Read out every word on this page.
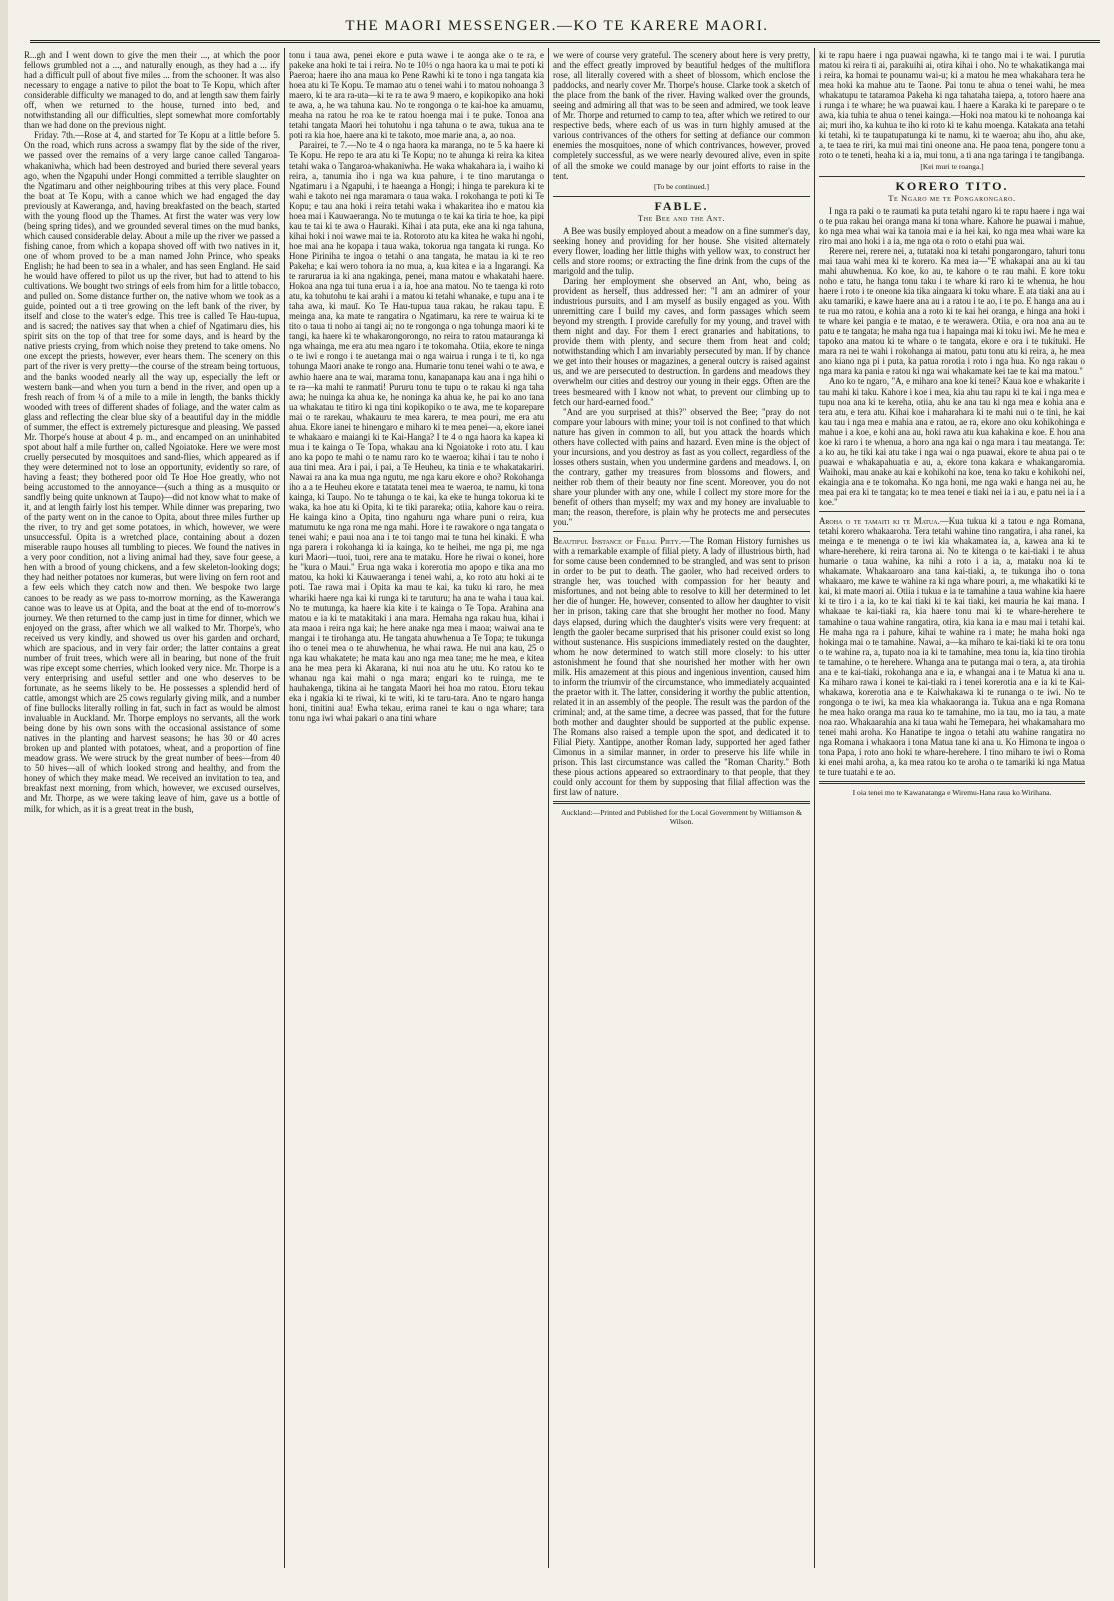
THE MAORI MESSENGER.—KO TE KARERE MAORI.

R...gh and I went down to give the men their ..., at which the poor fellows grumbled not a ..., and naturally enough, as they had a ... ify had a difficult pull of about five miles ... from the schooner. It was also necessary to engage a native to pilot the boat to Te Kopu, which after considerable difficulty we managed to do, and at length saw them fairly off, when we returned to the house, turned into bed, and notwithstanding all our difficulties, slept somewhat more comfortably than we had done on the previous night.

Friday. 7th.—Rose at 4, and started for Te Kopu at a little before 5. On the road, which runs across a swampy flat by the side of the river, we passed over the remains of a very large canoe called Tangaroa-whakaniwha, which had been destroyed and buried there several years ago, when the Ngapuhi under Hongi committed a terrible slaughter on the Ngatimaru and other neighbouring tribes at this very place. Found the boat at Te Kopu, with a canoe which we had engaged the day previously at Kaweranga, and, having breakfasted on the beach, started with the young flood up the Thames. At first the water was very low (being spring tides), and we grounded several times on the mud banks, which caused considerable delay. About a mile up the river we passed a fishing canoe, from which a kopapa shoved off with two natives in it, one of whom proved to be a man named John Prince, who speaks English; he had been to sea in a whaler, and has seen England. He said he would have offered to pilot us up the river, but had to attend to his cultivations. We bought two strings of eels from him for a little tobacco, and pulled on. Some distance further on, the native whom we took as a guide, pointed out a ti tree growing on the left bank of the river, by itself and close to the water's edge. This tree is called Te Hau-tupua, and is sacred; the natives say that when a chief of Ngatimaru dies, his spirit sits on the top of that tree for some days, and is heard by the native priests crying, from which noise they pretend to take omens. No one except the priests, however, ever hears them. The scenery on this part of the river is very pretty—the course of the stream being tortuous, and the banks wooded nearly all the way up, especially the left or western bank—and when you turn a bend in the river, and open up a fresh reach of from ¼ of a mile to a mile in length, the banks thickly wooded with trees of different shades of foliage, and the water calm as glass and reflecting the clear blue sky of a beautiful day in the middle of summer, the effect is extremely picturesque and pleasing. We passed Mr. Thorpe's house at about 4 p. m., and encamped on an uninhabited spot about half a mile further on, called Ngoiatoke. Here we were most cruelly persecuted by mosquitoes and sand-flies, which appeared as if they were determined not to lose an opportunity, evidently so rare, of having a feast; they bothered poor old Te Hoe Hoe greatly, who not being accustomed to the annoyance—(such a thing as a musquito or sandfly being quite unknown at Taupo)—did not know what to make of it, and at length fairly lost his temper. While dinner was preparing, two of the party went on in the canoe to Opita, about three miles further up the river, to try and get some potatoes, in which, however, we were unsuccessful. Opita is a wretched place, containing about a dozen miserable raupo houses all tumbling to pieces. We found the natives in a very poor condition, not a living animal had they, save four geese, a hen with a brood of young chickens, and a few skeleton-looking dogs; they had neither potatoes nor kumeras, but were living on fern root and a few eels which they catch now and then. We bespoke two large canoes to be ready as we pass to-morrow morning, as the Kaweranga canoe was to leave us at Opita, and the boat at the end of to-morrow's journey. We then returned to the camp just in time for dinner, which we enjoyed on the grass, after which we all walked to Mr. Thorpe's, who received us very kindly, and showed us over his garden and orchard, which are spacious, and in very fair order; the latter contains a great number of fruit trees, which were all in bearing, but none of the fruit was ripe except some cherries, which looked very nice. Mr. Thorpe is a very enterprising and useful settler and one who deserves to be fortunate, as he seems likely to be. He possesses a splendid herd of cattle, amongst which are 25 cows regularly giving milk, and a number of fine bullocks literally rolling in fat, such in fact as would be almost invaluable in Auckland. Mr. Thorpe employs no servants, all the work being done by his own sons with the occasional assistance of some natives in the planting and harvest seasons; he has 30 or 40 acres broken up and planted with potatoes, wheat, and a proportion of fine meadow grass. We were struck by the great number of bees—from 40 to 50 hives—all of which looked strong and healthy, and from the honey of which they make mead. We received an invitation to tea, and breakfast next morning, from which, however, we excused ourselves, and Mr. Thorpe, as we were taking leave of him, gave us a bottle of milk, for which, as it is a great treat in the bush,

tonu i taua awa, penei ekore e puta wawe i te aonga ake o te ra, e pakeke ana hoki te tai i reira. No te 10½ o nga haora ka u mai te poti ki Paeroa; haere iho ana maua ko Pene Rawhi ki te tono i nga tangata kia hoea atu ki Te Kopu. Te mamao atu o tenei wahi i to matou nohoanga 3 maero, ki te ara ra-uta—ki te ra te awa 9 maero, e kopikopiko ana hoki te awa, a, he wa tahuna kau. No te rongonga o te kai-hoe ka amuamu, meaha na ratou he roa ke te ratou hoenga mai i te puke. Tonoa ana tetahi tangata Maori hei tohutohu i nga tahuna o te awa, tukua ana te poti ra kia hoe, haere ana ki te takoto, moe marie ana, a, ao noa.

Parairei, te 7.—No te 4 o nga haora ka maranga, no te 5 ka haere ki Te Kopu. He repo te ara atu ki Te Kopu; no te ahunga ki reira ka kitea tetahi waka o Tangaroa-whakaniwha. He waka whakahara ia, i waiho ki reira, a, tanumia iho i nga wa kua pahure, i te tino marutanga o Ngatimaru i a Ngapuhi, i te haeanga a Hongi; i hinga te parekura ki te wahi e takoto nei nga maramara o taua waka. I rokohanga te poti ki Te Kopu; e tau ana hoki i reira tetahi waka i whakaritea iho e matou kia hoea mai i Kauwaeranga. No te mutunga o te kai ka tiria te hoe, ka pipi kau te tai ki te awa o Hauraki. Kihai i ata puta, eke ana ki nga tahuna, kihai hoki i noi wawe mai te ia. Rotoroto atu ka kitea he waka hi ngohi, hoe mai ana he kopapa i taua waka, tokorua nga tangata ki runga. Ko Hone Piriniha te ingoa o tetahi o ana tangata, he matau ia ki te reo Pakeha; e kai wero tohora ia no mua, a, kua kitea e ia a Ingarangi. Ka te rarurarua ia ki ana ngakinga, penei, mana matou e whakatahi haere. Hokoa ana nga tui tuna erua i a ia, hoe ana matou. No te taenga ki roto atu, ka tohutohu te kai arahi i a matou ki tetahi whanake, e tupu ana i te taha awa, ki mauī. Ko Te Hau-tupua taua rakau, he rakau tapu. E meinga ana, ka mate te rangatira o Ngatimaru, ka rere te wairua ki te tito o taua ti noho ai tangi ai; no te rongonga o nga tohunga maori ki te tangi, ka haere ki te whakarongorongo, no reira to ratou matauranga ki nga whainga, me era atu mea ngaro i te tokomaha. Otiia, ekore te ninga o te iwi e rongo i te auetanga mai o nga wairua i runga i te ti, ko nga tohunga Maori anake te rongo ana. Humarie tonu tenei wahi o te awa, e awhio haere ana te wai, marama tonu, kanapanapa kau ana i nga hihi o te ra—ka mahi te ranmati! Pururu tonu te tupu o te rakau ki nga taha awa; he nuinga ka ahua ke, he noninga ka ahua ke, he pai ko ano tana ua whakatau te titiro ki nga tini kopikopiko o te awa, me te koparepare mai o te rarekau, whakauru te mea karera, te mea pouri, me era atu ahua. Ekore ianei te hinengaro e miharo ki te mea penei—a, ekore ianei te whakaaro e maiangi ki te Kai-Hanga? I te 4 o nga haora ka kapea ki mua i te kainga o Te Topa, whakau ana ki Ngoiatoke i roto atu. I kau ano ka popo te mahi o te namu raro ko te waeroa; kihai i tau te noho i aua tini mea. Ara i pai, i pai, a Te Heuheu, ka tinia e te whakatakariri. Nawai ra ana ka mua nga ngutu, me nga karu ekore e oho? Rokohanga iho a a te Heuheu ekore e tatatata tenei mea te waeroa, te namu, ki tona kainga, ki Taupo. No te tahunga o te kai, ka eke te hunga tokorua ki te waka, ka hoe atu ki Opita, ki te tiki parareka; otiia, kahore kau o reira. He kainga kino a Opita, tino ngahuru nga whare puni o reira, kua matumutu ke nga rona me nga mahi. Hore i te rawakore o nga tangata o tenei wahi; e paui noa ana i te toi tango mai te tuna hei kinaki. E wha nga parera i rokohanga ki ia kainga, ko te heihei, me nga pi, me nga kuri Maori—tuoi, tuoi, rere ana te mataku. Hore he riwai o konei, hore he "kura o Maui." Erua nga waka i korerotia mo apopo e tika ana mo matou, ka hoki ki Kauwaeranga i tenei wahi, a, ko roto atu hoki ai te poti. Tae rawa mai i Opita ka mau te kai, ka tuku ki raro, he mea whariki haere nga kai ki runga ki te taruturu; ha ana te waha i taua kai. No te mutunga, ka haere kia kite i te kainga o Te Topa. Arahina ana matou e ia ki te matakitaki i ana mara. Hemaha nga rakau hua, kihai i ata maoa i reira nga kai; he here anake nga mea i maoa; waiwai ana te mangai i te tirohanga atu. He tangata ahuwhenua a Te Topa; te tukunga iho o tenei mea o te ahuwhenua, he whai rawa. He nui ana kau, 25 o nga kau whakatete; he mata kau ano nga mea tane; me he mea, e kitea ana he mea pera ki Akarana, ki nui noa atu he utu. Ko ratou ko te whanau nga kai mahi o nga mara; engari ko te ruinga, me te hauhakenga, tikina ai he tangata Maori hei hoa mo ratou. Etoru tekau eka i ngakia ki te riwai, ki te witi, ki te taru-tara. Ano te ngaro hanga honi, tinitini aua! Ewha tekau, erima ranei te kau o nga whare; tara tonu nga iwi whai pakari o ana tini whare

we were of course very grateful. The scenery about here is very pretty, and the effect greatly improved by beautiful hedges of the multiflora rose, all literally covered with a sheet of blossom, which enclose the paddocks, and nearly cover Mr. Thorpe's house. Clarke took a sketch of the place from the bank of the river. Having walked over the grounds, seeing and admiring all that was to be seen and admired, we took leave of Mr. Thorpe and returned to camp to tea, after which we retired to our respective beds, where each of us was in turn highly amused at the various contrivances of the others for setting at defiance our common enemies the mosquitoes, none of which contrivances, however, proved completely successful, as we were nearly devoured alive, even in spite of all the smoke we could manage by our joint efforts to raise in the tent.

[To be continued.]
FABLE.
The Bee and the Ant.

A Bee was busily employed about a meadow on a fine summer's day, seeking honey and providing for her house. She visited alternately every flower, loading her little thighs with yellow wax, to construct her cells and store rooms; or extracting the fine drink from the cups of the marigold and the tulip.

Daring her employment she observed an Ant, who, being as provident as herself, thus addressed her: "I am an admirer of your industrious pursuits, and I am myself as busily engaged as you. With unremitting care I build my caves, and form passages which seem beyond my strength. I provide carefully for my young, and travel with them night and day. For them I erect granaries and habitations, to provide them with plenty, and secure them from heat and cold; notwithstanding which I am invariably persecuted by man. If by chance we get into their houses or magazines, a general outcry is raised against us, and we are persecuted to destruction. In gardens and meadows they overwhelm our cities and destroy our young in their eggs. Often are the trees besmeared with I know not what, to prevent our climbing up to fetch our hard-earned food."

"And are you surprised at this?" observed the Bee; "pray do not compare your labours with mine; your toil is not confined to that which nature has given in common to all, but you attack the hoards which others have collected with pains and hazard. Even mine is the object of your incursions, and you destroy as fast as you collect, regardless of the losses others sustain, when you undermine gardens and meadows. I, on the contrary, gather my treasures from blossoms and flowers, and neither rob them of their beauty nor fine scent. Moreover, you do not share your plunder with any one, while I collect my store more for the benefit of others than myself; my wax and my honey are invaluable to man; the reason, therefore, is plain why he protects me and persecutes you."

Beautiful Instance of Filial Piety.—The Roman History furnishes us with a remarkable example of filial piety. A lady of illustrious birth, had for some cause been condemned to be strangled, and was sent to prison in order to be put to death. The gaoler, who had received orders to strangle her, was touched with compassion for her beauty and misfortunes, and not being able to resolve to kill her determined to let her die of hunger. He, however, consented to allow her daughter to visit her in prison, taking care that she brought her mother no food. Many days elapsed, during which the daughter's visits were very frequent: at length the gaoler became surprised that his prisoner could exist so long without sustenance. His suspicions immediately rested on the daughter, whom he now determined to watch still more closely: to his utter astonishment he found that she nourished her mother with her own milk. His amazement at this pious and ingenious invention, caused him to inform the triumvir of the circumstance, who immediately acquainted the praetor with it. The latter, considering it worthy the public attention, related it in an assembly of the people. The result was the pardon of the criminal; and, at the same time, a decree was passed, that for the future both mother and daughter should be supported at the public expense. The Romans also raised a temple upon the spot, and dedicated it to Filial Piety. Xantippe, another Roman lady, supported her aged father Cimonus in a similar manner, in order to preserve his life while in prison. This last circumstance was called the "Roman Charity." Both these pious actions appeared so extraordinary to that people, that they could only account for them by supposing that filial affection was the first law of nature.

Auckland:—Printed and Published for the Local Government by Williamson & Wilson.

ki te rapu haere i nga puawai ngawha, ki te tango mai i te wai. I purutia matou ki reira ti ai, parakuihi ai, otira kihai i oho. No te whakatikanga mai i reira, ka homai te pounamu wai-u; ki a matou he mea whakahara tera he mea hoki ka mahue atu te Taone. Pai tonu te ahua o tenei wahi, he mea whakatupu te tataramoa Pakeha ki nga tahataha taiepa, a, totoro haere ana i runga i te whare; he wa puawai kau. I haere a Karaka ki te parepare o te awa, kia tuhia te ahua o tenei kainga.—Hoki noa matou ki te nohoanga kai ai; muri iho, ka kuhua te iho ki roto ki te kahu moenga. Katakata ana tetahi ki tetahi, ki te taupatupatunga ki te namu, ki te waeroa; ahu iho, ahu ake, a, te taea te riri, ka mui mai tini oneone ana. He paoa tena, pongere tonu a roto o te teneti, heaha ki a ia, mui tonu, a ti ana nga taringa i te tangibanga.

[Kei muri te roanga.]
KORERO TITO.
Te Ngaro me te Pongarongaro.

I nga ra paki o te raumati ka puta tetahi ngaro ki te rapu haere i nga wai o te pua rakau hei oranga mana ki tona whare. Kahore he puawai i mahue, ko nga mea whai wai ka tanoia mai e ia hei kai, ko nga mea whai ware ka riro mai ano hoki i a ia, me nga ota o roto o etahi pua wai.

Rerere nei, rerere nei, a, tutataki noa ki tetahi pongarongaro, tahuri tonu mai taua wahi mea ki te korero. Ka mea ia—"E whakapai ana au ki tau mahi ahuwhenua. Ko koe, ko au, te kahore o te rau mahi. E kore toku noho e tatu, he hanga tonu taku i te whare ki raro ki te whenua, he hou haere i roto i te oneone kia tika aingaara ki toku whare. E ata tiaki ana au i aku tamariki, e kawe haere ana au i a ratou i te ao, i te po. E hanga ana au i te rua mo ratou, e kohia ana a roto ki te kai hei oranga, e hinga ana hoki i te whare kei pangia e te matao, e te werawera. Otiia, e ora noa ana au te patu e te tangata; he maha nga tua i hapainga mai ki toku iwi. Me he mea e tapoko ana matou ki te whare o te tangata, ekore e ora i te tukituki. He mara ra nei te wahi i rokohanga ai matou, patu tonu atu ki reira, a, he mea ano kiano nga pi i puta, ka patua rorotia i roto i nga hua. Ko nga rakau o nga mara ka pania e ratou ki nga wai whakamate kei tae te kai ma matou."

Ano ko te ngaro, "A, e miharo ana koe ki tenei? Kaua koe e whakarite i tau mahi ki taku. Kahore i koe i mea, kia ahu tau rapu ki te kai i nga mea e tupu noa ana ki te kereha, otiia, ahu ke ana tau ki nga mea e kohia ana e tera atu, e tera atu. Kihai koe i maharahara ki te mahi nui o te tini, he kai kau tau i nga mea e mahia ana e ratou, ae ra, ekore ano oku kohikohinga e mahue i a koe, e kohi ana au, hoki rawa atu kua kahakina e koe. E hou ana koe ki raro i te whenua, a horo ana nga kai o nga mara i tau meatanga. Te: a ko au, he tiki kai atu take i nga wai o nga puawai, ekore te ahua pai o te puawai e whakapahuatia e au, a, ekore tona kakara e whakangaromia. Waihoki, mau anake au kai e kohikohi na koe, tena ko taku e kohikohi nei, ekaingia ana e te tokomaha. Ko nga honi, me nga waki e hanga nei au, he mea pai era ki te tangata; ko te mea tenei e tiaki nei ia i au, e patu nei ia i a koe."

Aroha o te tamaiti ki te Matua.—Kua tukua ki a tatou e nga Romana, tetahi korero whakaaroha. Tera tetahi wahine tino rangatira, i aha ranei, ka meinga e te menenga o te iwi kia whakamatea ia, a, kawea ana ki te whare-herehere, ki reira tarona ai. No te kitenga o te kai-tiaki i te ahua humarie o taua wahine, ka nihi a roto i a ia, a, mataku noa ki te whakamate. Whakaaroaro ana tana kai-tiaki, a, te tukunga iho o tona whakaaro, me kawe te wahine ra ki nga whare pouri, a, me whakatiki ki te kai, ki mate maori ai. Otiia i tukua e ia te tamahine a taua wahine kia haere ki te tiro i a ia, ko te kai tiaki ki te kai tiaki, kei mauria he kai mana. I whakaae te kai-tiaki ra, kia haere tonu mai ki te whare-herehere te tamahine o taua wahine rangatira, otira, kia kana ia e mau mai i tetahi kai. He maha nga ra i pahure, kihai te wahine ra i mate; he maha hoki nga hokinga mai o te tamahine. Nawai, a—ka miharo te kai-tiaki ki te ora tonu o te wahine ra, a, tupato noa ia ki te tamahine, mea tonu ia, kia tino tirohia te tamahine, o te herehere. Whanga ana te putanga mai o tera, a, ata tirohia ana e te kai-tiaki, rokohanga ana e ia, e whangai ana i te Matua ki ana u. Ka miharo rawa i konei te kai-tiaki ra i tenei korerotia ana e ia ki te Kai-whakawa, korerotia ana e te Kaiwhakawa ki te runanga o te iwi. No te rongonga o te iwi, ka mea kia whakaoranga ia. Tukua ana e nga Romana he mea hako oranga ma raua ko te tamahine, mo ia tau, mo ia tau, a mate noa rao. Whakaarahia ana ki taua wahi he Temepara, hei whakamahara mo tenei mahi aroha. Ko Hanatipe te ingoa o tetahi atu wahine rangatira no nga Romana i whakaora i tona Matua tane ki ana u. Ko Himona te ingoa o tona Papa, i roto ano hoki te whare-herehere. I tino miharo te iwi o Roma ki enei mahi aroha, a, ka mea ratou ko te aroha o te tamariki ki nga Matua te ture tuatahi e te ao.

I oia tenei mo te Kawanatanga e Wiremu-Hana raua ko Wirihana.
